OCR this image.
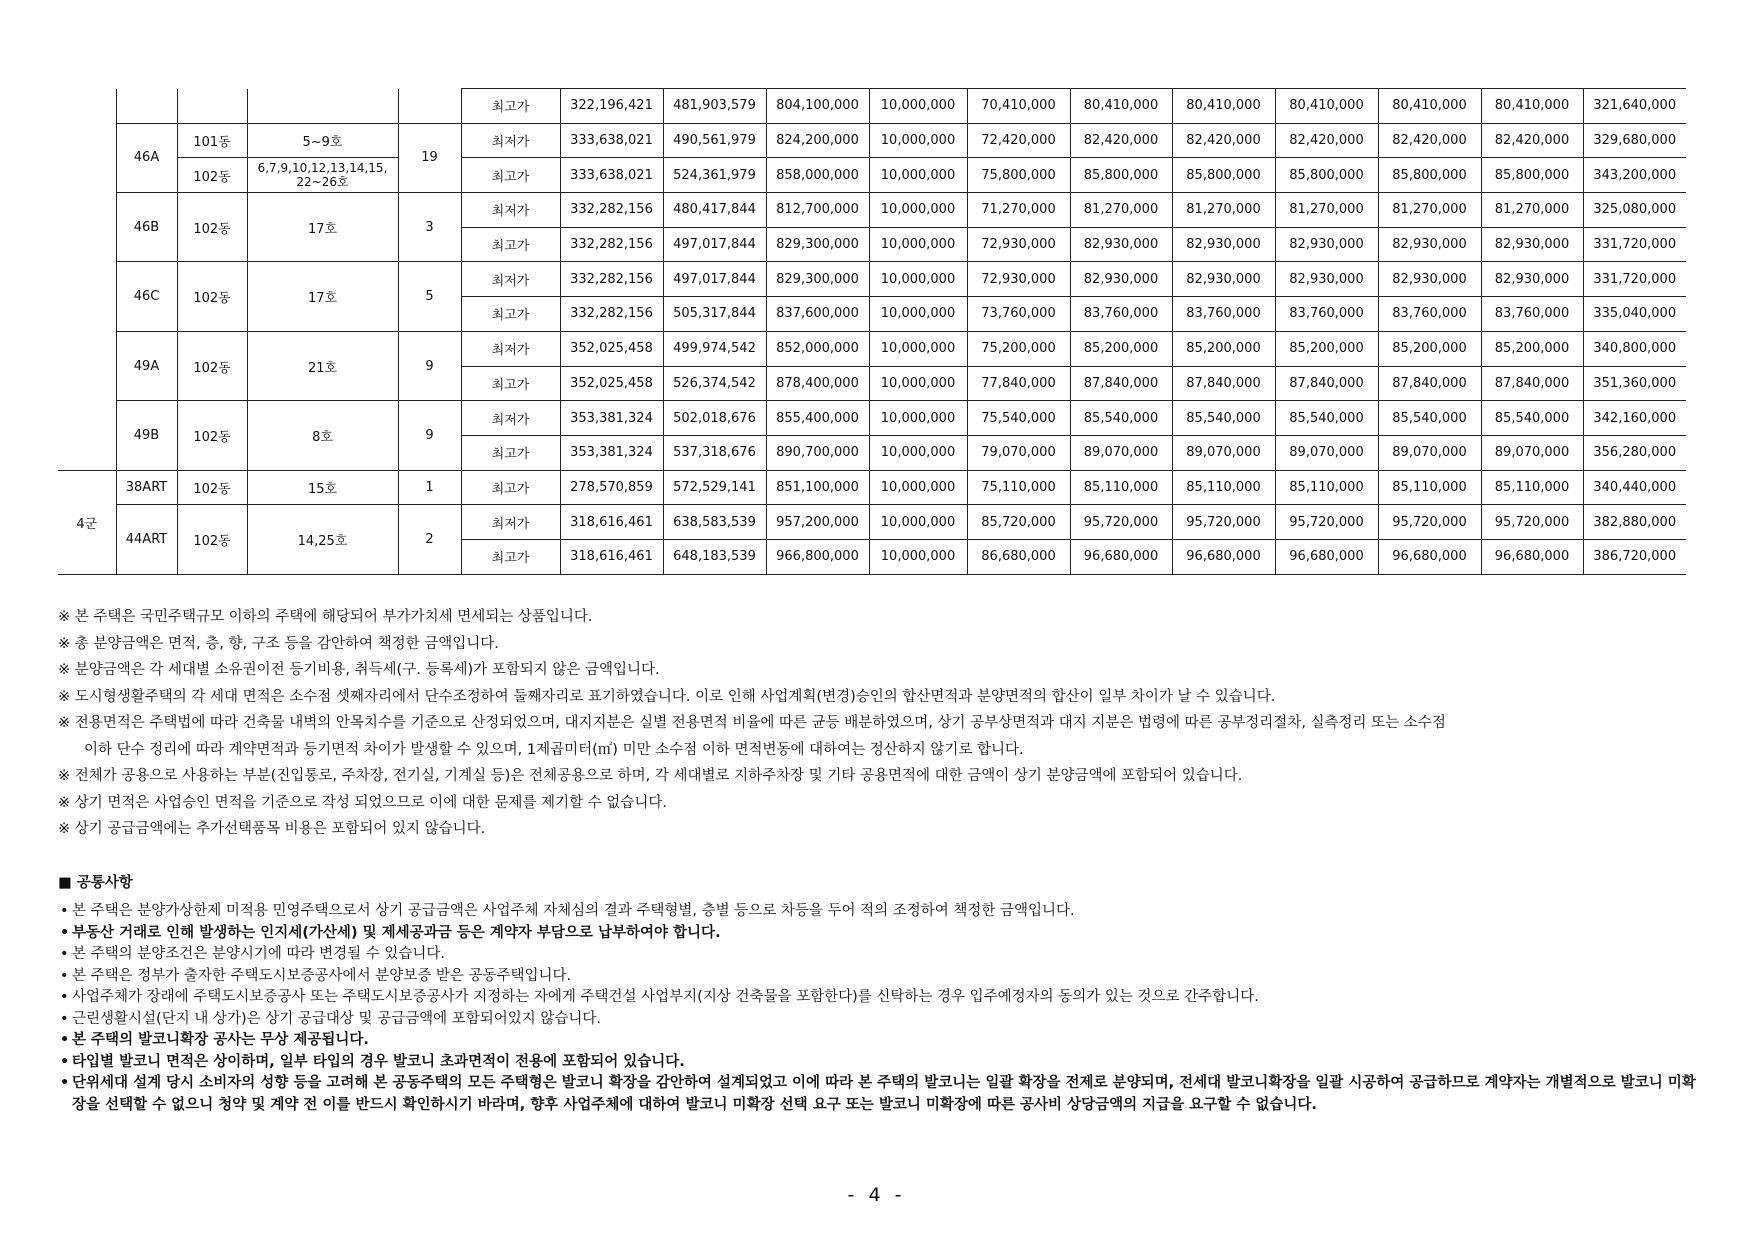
					최고가	322,196,421	481,903,579	804,100,000	10,000,000	70,410,000	80,410,000	80,410,000	80,410,000	80,410,000	80,410,000	321,640,000
	46A	101동	5~9호	19	최저가	333,638,021	490,561,979	824,200,000	10,000,000	72,420,000	82,420,000	82,420,000	82,420,000	82,420,000	82,420,000	329,680,000
		102동	6,7,9,10,12,13,14,15, 22~26호		최고가	333,638,021	524,361,979	858,000,000	10,000,000	75,800,000	85,800,000	85,800,000	85,800,000	85,800,000	85,800,000	343,200,000
	46B	102동	17호	3	최저가	332,282,156	480,417,844	812,700,000	10,000,000	71,270,000	81,270,000	81,270,000	81,270,000	81,270,000	81,270,000	325,080,000
					최고가	332,282,156	497,017,844	829,300,000	10,000,000	72,930,000	82,930,000	82,930,000	82,930,000	82,930,000	82,930,000	331,720,000
	46C	102동	17호	5	최저가	332,282,156	497,017,844	829,300,000	10,000,000	72,930,000	82,930,000	82,930,000	82,930,000	82,930,000	82,930,000	331,720,000
					최고가	332,282,156	505,317,844	837,600,000	10,000,000	73,760,000	83,760,000	83,760,000	83,760,000	83,760,000	83,760,000	335,040,000
	49A	102동	21호	9	최저가	352,025,458	499,974,542	852,000,000	10,000,000	75,200,000	85,200,000	85,200,000	85,200,000	85,200,000	85,200,000	340,800,000
					최고가	352,025,458	526,374,542	878,400,000	10,000,000	77,840,000	87,840,000	87,840,000	87,840,000	87,840,000	87,840,000	351,360,000
	49B	102동	8호	9	최저가	353,381,324	502,018,676	855,400,000	10,000,000	75,540,000	85,540,000	85,540,000	85,540,000	85,540,000	85,540,000	342,160,000
					최고가	353,381,324	537,318,676	890,700,000	10,000,000	79,070,000	89,070,000	89,070,000	89,070,000	89,070,000	89,070,000	356,280,000
4군	38ART	102동	15호	1	최고가	278,570,859	572,529,141	851,100,000	10,000,000	75,110,000	85,110,000	85,110,000	85,110,000	85,110,000	85,110,000	340,440,000
	44ART	102동	14,25호	2	최저가	318,616,461	638,583,539	957,200,000	10,000,000	85,720,000	95,720,000	95,720,000	95,720,000	95,720,000	95,720,000	382,880,000
					최고가	318,616,461	648,183,539	966,800,000	10,000,000	86,680,000	96,680,000	96,680,000	96,680,000	96,680,000	96,680,000	386,720,000

※ 본 주택은 국민주택규모 이하의 주택에 해당되어 부가가치세 면세되는 상품입니다.

※ 총 분양금액은 면적, 층, 향, 구조 등을 감안하여 책정한 금액입니다.

※ 분양금액은 각 세대별 소유권이전 등기비용, 취득세(구. 등록세)가 포함되지 않은 금액입니다.

※ 도시형생활주택의 각 세대 면적은 소수점 셋째자리에서 단수조정하여 둘째자리로 표기하였습니다. 이로 인해 사업계획(변경)승인의 합산면적과 분양면적의 합산이 일부 차이가 날 수 있습니다.

※ 전용면적은 주택법에 따라 건축물 내벽의 안목치수를 기준으로 산정되었으며, 대지지분은 실별 전용면적 비율에 따른 균등 배분하였으며, 상기 공부상면적과 대지 지분은 법령에 따른 공부정리절차, 실측정리 또는 소수점

이하 단수 정리에 따라 계약면적과 등기면적 차이가 발생할 수 있으며, 1제곱미터(㎡) 미만 소수점 이하 면적변동에 대하여는 정산하지 않기로 합니다.

※ 전체가 공용으로 사용하는 부분(진입통로, 주차장, 전기실, 기계실 등)은 전체공용으로 하며, 각 세대별로 지하주차장 및 기타 공용면적에 대한 금액이 상기 분양금액에 포함되어 있습니다.

※ 상기 면적은 사업승인 면적을 기준으로 작성 되었으므로 이에 대한 문제를 제기할 수 없습니다.

※ 상기 공급금액에는 추가선택품목 비용은 포함되어 있지 않습니다.

■ 공통사항

• 본 주택은 분양가상한제 미적용 민영주택으로서 상기 공급금액은 사업주체 자체심의 결과 주택형별, 층별 등으로 차등을 두어 적의 조정하여 책정한 금액입니다.
• 부동산 거래로 인해 발생하는 인지세(가산세) 및 제세공과금 등은 계약자 부담으로 납부하여야 합니다.
• 본 주택의 분양조건은 분양시기에 따라 변경될 수 있습니다.
• 본 주택은 정부가 출자한 주택도시보증공사에서 분양보증 받은 공동주택입니다.
• 사업주체가 장래에 주택도시보증공사 또는 주택도시보증공사가 지정하는 자에게 주택건설 사업부지(지상 건축물을 포함한다)를 신탁하는 경우 입주예정자의 동의가 있는 것으로 간주합니다.
• 근린생활시설(단지 내 상가)은 상기 공급대상 및 공급금액에 포함되어있지 않습니다.
• 본 주택의 발코니확장 공사는 무상 제공됩니다.
• 타입별 발코니 면적은 상이하며, 일부 타입의 경우 발코니 초과면적이 전용에 포함되어 있습니다.
• 단위세대 설계 당시 소비자의 성향 등을 고려해 본 공동주택의 모든 주택형은 발코니 확장을 감안하여 설계되었고 이에 따라 본 주택의 발코니는 일괄 확장을 전제로 분양되며, 전세대 발코니확장을 일괄 시공하여 공급하므로 계약자는 개별적으로 발코니 미확장을 선택할 수 없으니 청약 및 계약 전 이를 반드시 확인하시기 바라며, 향후 사업주체에 대하여 발코니 미확장 선택 요구 또는 발코니 미확장에 따른 공사비 상당금액의 지급을 요구할 수 없습니다.
- 4 -
